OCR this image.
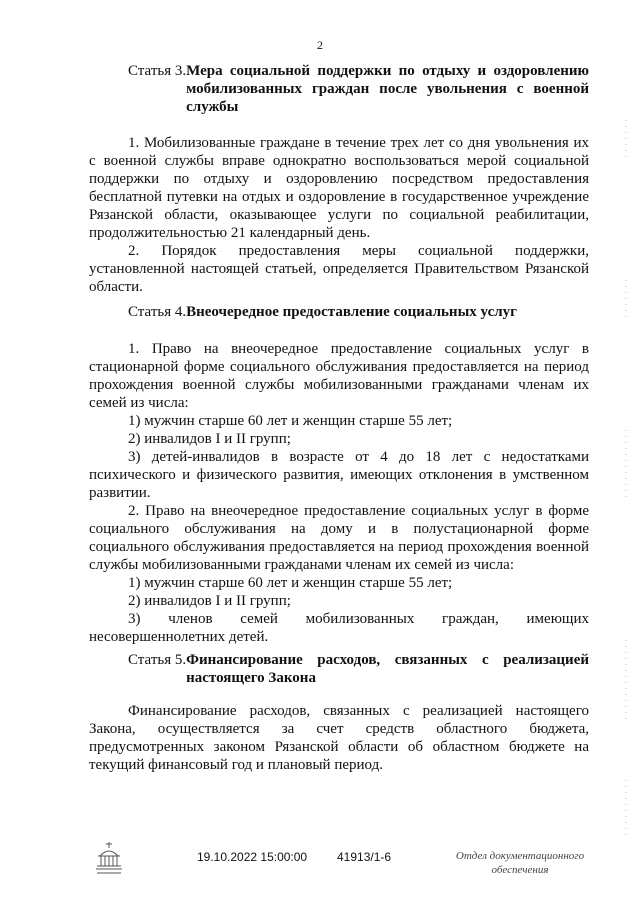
2
Статья 3. Мера социальной поддержки по отдыху и оздоровлению мобилизованных граждан после увольнения с военной службы

1. Мобилизованные граждане в течение трех лет со дня увольнения их с военной службы вправе однократно воспользоваться мерой социальной поддержки по отдыху и оздоровлению посредством предоставления бесплатной путевки на отдых и оздоровление в государственное учреждение Рязанской области, оказывающее услуги по социальной реабилитации, продолжительностью 21 календарный день.

2. Порядок предоставления меры социальной поддержки, установленной настоящей статьей, определяется Правительством Рязанской области.

Статья 4. Внеочередное предоставление социальных услуг

1. Право на внеочередное предоставление социальных услуг в стационарной форме социального обслуживания предоставляется на период прохождения военной службы мобилизованными гражданами членам их семей из числа:

1) мужчин старше 60 лет и женщин старше 55 лет;

2) инвалидов I и II групп;

3) детей-инвалидов в возрасте от 4 до 18 лет с недостатками психического и физического развития, имеющих отклонения в умственном развитии.

2. Право на внеочередное предоставление социальных услуг в форме социального обслуживания на дому и в полустационарной форме социального обслуживания предоставляется на период прохождения военной службы мобилизованными гражданами членам их семей из числа:

1) мужчин старше 60 лет и женщин старше 55 лет;

2) инвалидов I и II групп;

3) членов семей мобилизованных граждан, имеющих несовершеннолетних детей.

Статья 5. Финансирование расходов, связанных с реализацией настоящего Закона

Финансирование расходов, связанных с реализацией настоящего Закона, осуществляется за счет средств областного бюджета, предусмотренных законом Рязанской области об областном бюджете на текущий финансовый год и плановый период.

19.10.2022 15:00:00 41913/1-6	Отдел документационного
обеспечения
